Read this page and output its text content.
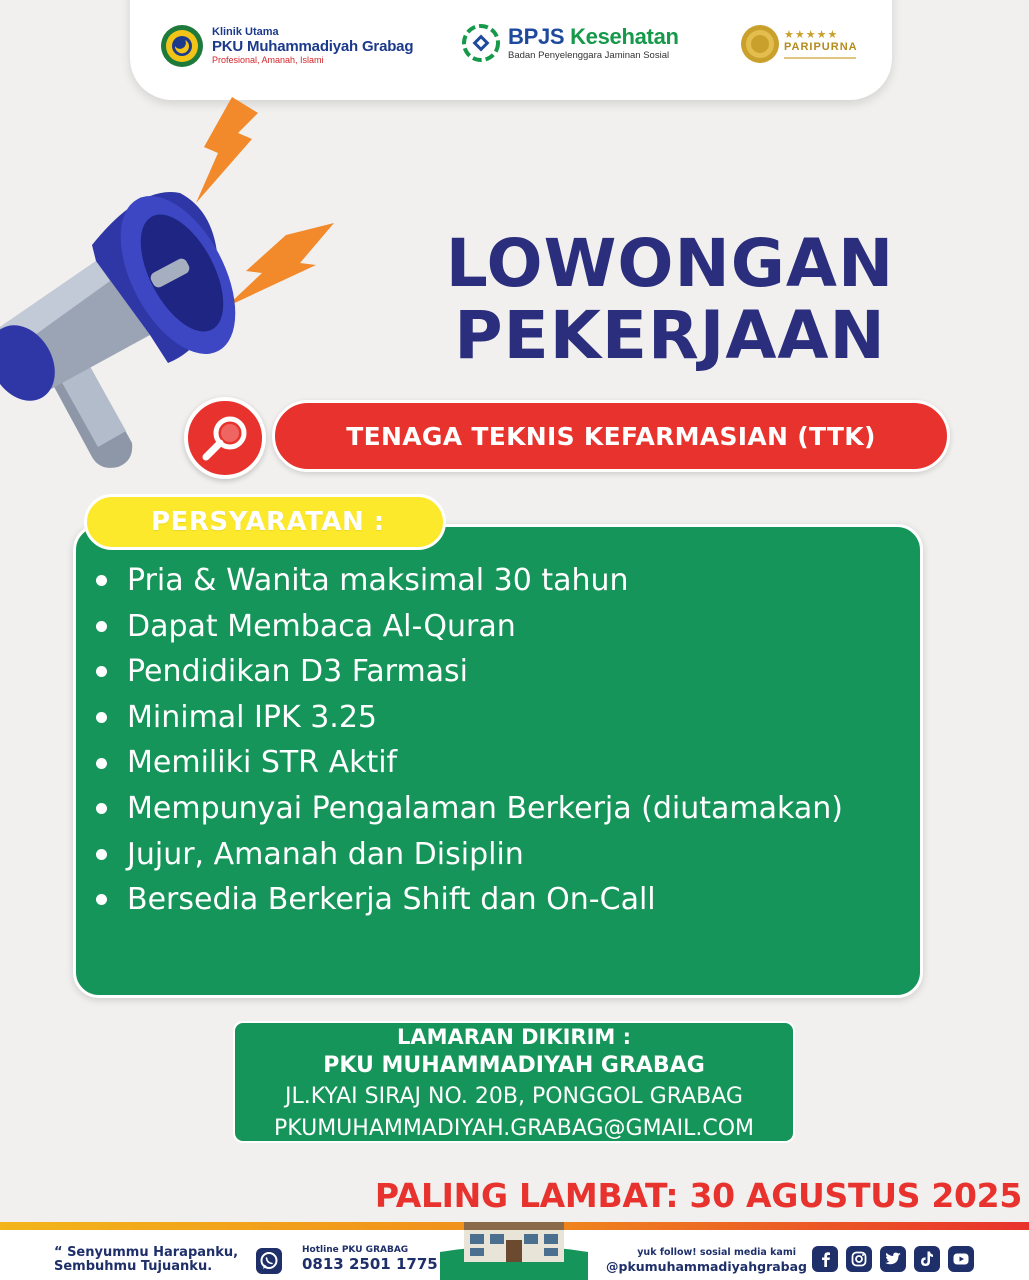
Klinik Utama
PKU Muhammadiyah Grabag
Profesional, Amanah, Islami
BPJS Kesehatan
Badan Penyelenggara Jaminan Sosial
★★★★★
PARIPURNA
LOWONGAN
PEKERJAAN
TENAGA TEKNIS KEFARMASIAN (TTK)
PERSYARATAN :
Pria & Wanita maksimal 30 tahun
Dapat Membaca Al-Quran
Pendidikan D3 Farmasi
Minimal IPK 3.25
Memiliki STR Aktif
Mempunyai Pengalaman Berkerja (diutamakan)
Jujur, Amanah dan Disiplin
Bersedia Berkerja Shift dan On-Call
LAMARAN DIKIRIM :
PKU MUHAMMADIYAH GRABAG
JL.KYAI SIRAJ NO. 20B, PONGGOL GRABAG
PKUMUHAMMADIYAH.GRABAG@GMAIL.COM
PALING LAMBAT: 30 AGUSTUS 2025
“ Senyummu Harapanku,
Sembuhmu Tujuanku.
Hotline PKU GRABAG
0813 2501 1775
yuk follow! sosial media kami
@pkumuhammadiyahgrabag
